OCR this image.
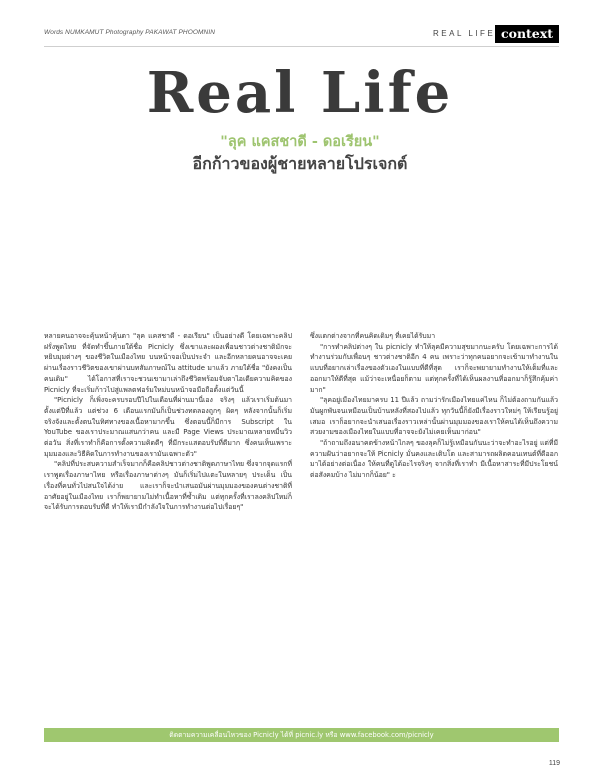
Words NUMKAMUT Photography PAKAWAT PHOOMNIN	REAL LIFE context
Real Life
"ลุค แคสชาดี - ดอเรียน"
อีกก้าวของผู้ชายหลายโปรเจกต์

หลายคนอาจจะคุ้นหน้าคุ้นตา "ลุค แคสชาดี - ดอเรียน" เป็นอย่างดี โดยเฉพาะคลิปฝรั่งพูดไทย ที่จัดทำขึ้นภายใต้ชื่อ Picnicly ซึ่งเขาและผองเพื่อนชาวต่างชาติมักจะหยิบมุมต่างๆ ของชีวิตในเมืองไทย บนหน้าจอเป็นประจำ และอีกหลายคนอาจจะเคยผ่านเรื่องราวชีวิตของเขาผ่านบทสัมภาษณ์ใน attitude มาแล้ว ภายใต้ชื่อ "ยังคงเป็นคนเดิม" ได้โอกาสที่เราจะชวนเขามาเล่าถึงชีวิตพร้อมจับตาไอเดียความคิดของ Picnicly ที่จะเริ่มก้าวไปสู่แพลตฟอร์มใหม่บนหน้าจอมือถือตั้งแต่วันนี้

"Picnicly ก็เพิ่งจะครบรอบปีไปในเดือนที่ผ่านมานี่เอง จริงๆ แล้วเราเริ่มต้นมาตั้งแต่ปีที่แล้ว แต่ช่วง 6 เดือนแรกมันก็เป็นช่วงทดลองถูกๆ ผิดๆ หลังจากนั้นก็เริ่มจริงจังและตั้งตนในทิศทางของเนื้อหามากขึ้น ซึ่งตอนนี้ก็มีการ Subscript ใน YouTube ของเราประมาณแสนกว่าคน และมี Page Views ประมาณหลายหมื่นวิวต่อวัน สิ่งที่เราทำก็คือการตั้งความคิดดีๆ ที่มีกระแสตอบรับที่ดีมาก ซึ่งคนเห็นเพราะมุมมองและวิธีคิดในการทำงานของเรามันเฉพาะตัว"

"คลิปที่ประสบความสำเร็จมากก็คือคลิปชาวต่างชาติพูดภาษาไทย ซึ่งจากจุดแรกที่เราพูดเรื่องภาษาไทย หรือเรื่องภาษาต่างๆ มันก็เริ่มไปแตะในหลายๆ ประเด็น เป็นเรื่องที่คนทั่วไปสนใจได้ง่าย และเราก็จะนำเสนอมันผ่านมุมมองของคนต่างชาติที่อาศัยอยู่ในเมืองไทย เราก็พยายามไม่ทำเนื้อหาที่ซ้ำเดิม แต่ทุกครั้งที่เราลงคลิปใหม่ก็จะได้รับการตอบรับที่ดี ทำให้เรามีกำลังใจในการทำงานต่อไปเรื่อยๆ"

ซึ่งแตกต่างจากที่คนคิดเดิมๆ ที่เคยได้รับมา

"การทำคลิปต่างๆ ใน picnicly ทำให้ลุคมีความสุขมากนะครับ โดยเฉพาะการได้ทำงานร่วมกับเพื่อนๆ ชาวต่างชาติอีก 4 คน เพราะว่าทุกคนอยากจะเข้ามาทำงานในแบบที่อยากเล่าเรื่องของตัวเองในแบบที่ดีที่สุด เราก็จะพยายามทำงานให้เต็มที่และออกมาให้ดีที่สุด แม้ว่าจะเหนื่อยก็ตาม แต่ทุกครั้งที่ได้เห็นผลงานที่ออกมาก็รู้สึกคุ้มค่ามาก"

"ลุคอยู่เมืองไทยมาครบ 11 ปีแล้ว ถามว่ารักเมืองไทยแค่ไหน ก็ไม่ต้องถามกันแล้ว มันผูกพันจนเหมือนเป็นบ้านหลังที่สองไปแล้ว ทุกวันนี้ก็ยังมีเรื่องราวใหม่ๆ ให้เรียนรู้อยู่เสมอ เราก็อยากจะนำเสนอเรื่องราวเหล่านั้นผ่านมุมมองของเราให้คนได้เห็นถึงความสวยงามของเมืองไทยในแบบที่อาจจะยังไม่เคยเห็นมาก่อน"

"ถ้าถามถึงอนาคตข้างหน้าไกลๆ ของลุคก็ไม่รู้เหมือนกันนะว่าจะทำอะไรอยู่ แต่ที่มีความฝันว่าอยากจะให้ Picnicly มั่นคงและเติบโต และสามารถผลิตคอนเทนต์ที่ดีออกมาได้อย่างต่อเนื่อง ให้คนที่ดูได้อะไรจริงๆ จากสิ่งที่เราทำ มีเนื้อหาสาระที่มีประโยชน์ต่อสังคมบ้าง ไม่มากก็น้อย" ะ

ติดตามความเคลื่อนไหวของ Picnicly ได้ที่ picnic.ly หรือ www.facebook.com/picnicly
119
